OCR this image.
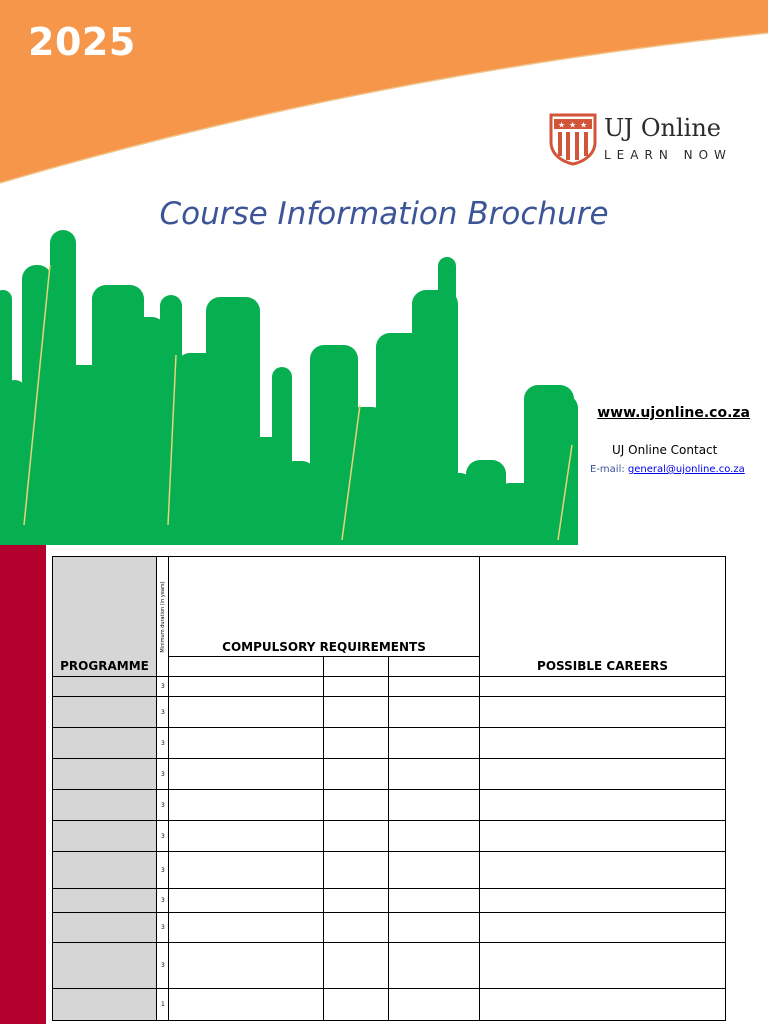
2025
★ ★ ★ UJ Online
LEARN NOW
Course Information Brochure
www.ujonline.co.za
UJ Online Contact
E-mail: general@ujonline.co.za
PROGRAMME	Minimum duration (in years)	COMPULSORY REQUIREMENTS			POSSIBLE CAREERS

	3				
	3				
	3				
	3				
	3				
	3				
	3				
	3				
	3				
	3				
	1				
